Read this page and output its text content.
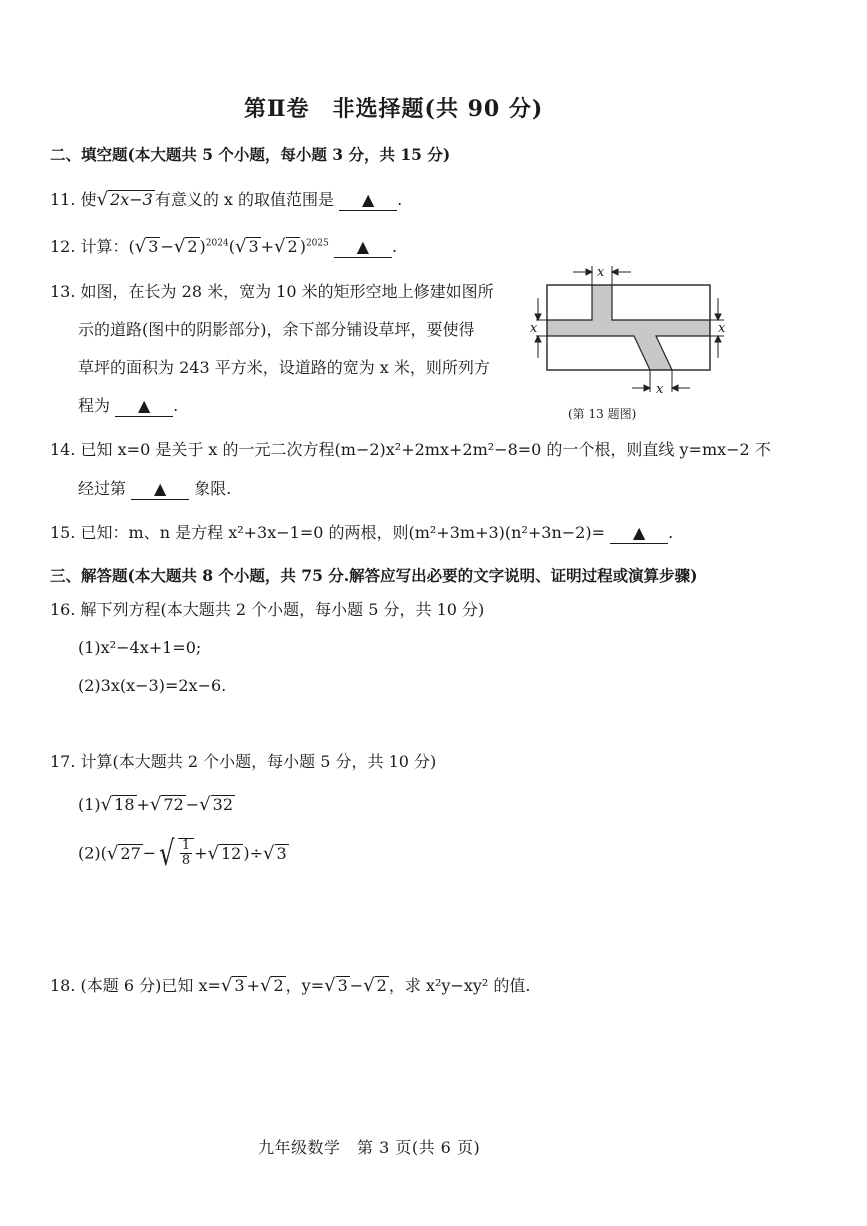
第Ⅱ卷　非选择题(共 90 分)
二、填空题(本大题共 5 个小题，每小题 3 分，共 15 分)
11. 使 √ 2x−3 有意义的 x 的取值范围是 ▲ .
12. 计算：( √ 3 − √ 2 )$^{2024}$( √ 3 + √ 2 )$^{2025}$ ▲ .
13. 如图，在长为 28 米，宽为 10 米的矩形空地上修建如图所
示的道路(图中的阴影部分)，余下部分铺设草坪，要使得
草坪的面积为 243 平方米，设道路的宽为 x 米，则所列方
程为 ▲ .
x
x	x
x
(第 13 题图)
14. 已知 x=0 是关于 x 的一元二次方程(m−2)x²+2mx+2m²−8=0 的一个根，则直线 y=mx−2 不
经过第 ▲ 象限.
15. 已知：m、n 是方程 x²+3x−1=0 的两根，则(m²+3m+3)(n²+3n−2)= ▲ .
三、解答题(本大题共 8 个小题，共 75 分.解答应写出必要的文字说明、证明过程或演算步骤)
16. 解下列方程(本大题共 2 个小题，每小题 5 分，共 10 分)
(1)x²−4x+1=0;
(2)3x(x−3)=2x−6.
17. 计算(本大题共 2 个小题，每小题 5 分，共 10 分)
(1) √ 18 + √ 72 − √ 32
(2)( √ 27 − √ $\frac{1}{8}$ + √ 12 )÷ √ 3
18. (本题 6 分)已知 x= √ 3 + √ 2 ，y= √ 3 − √ 2 ，求 x²y−xy² 的值.
九年级数学　第 3 页(共 6 页)
